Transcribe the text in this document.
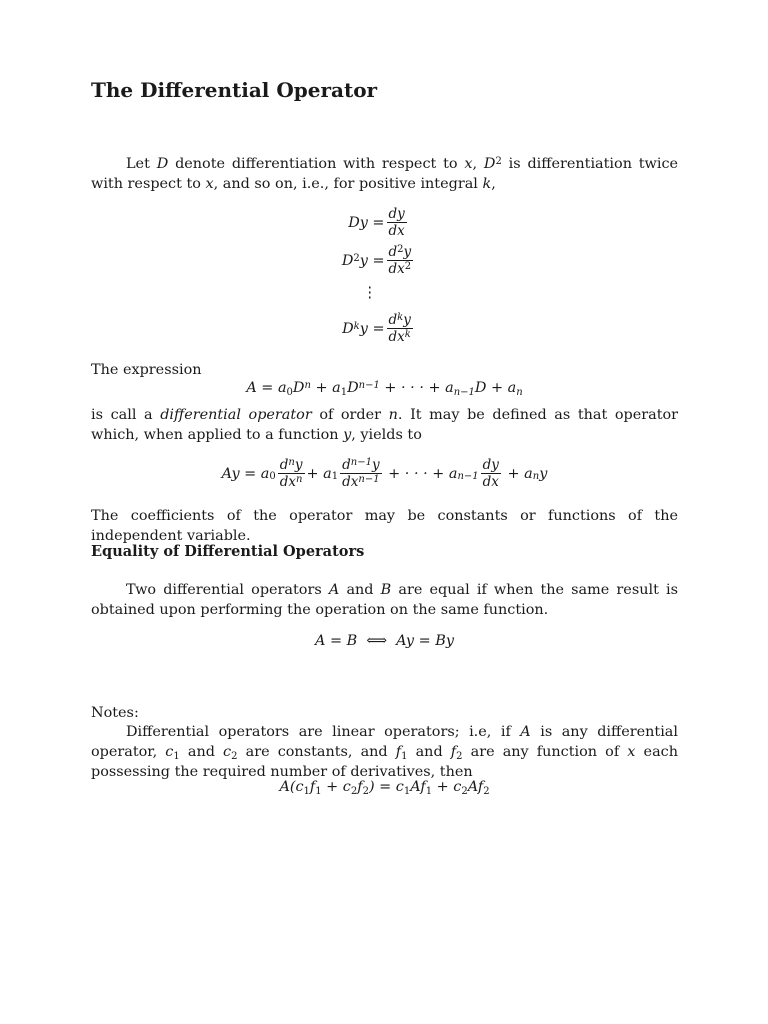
The Differential Operator

Let D denote differentiation with respect to x, $D^2$ is differentiation twice with respect to x, and so on, i.e., for positive integral k,

$Dy = \frac{dy}{dx}$
$D^2y = \frac{d^2y}{dx^2}$
⋮
$D^ky = \frac{d^ky}{dx^k}$

The expression

$A = a_0D^n + a_1D^{n-1}$ + · · · + $a_{n-1}D + a_n$

is call a differential operator of order n. It may be defined as that operator which, when applied to a function y, yields to

$Ay = a_0 \frac{d^ny}{dx^n} + a_1 \frac{d^{n-1}y}{dx^{n-1}}$
+ · · · + $a_{n-1} \frac{dy}{dx}$
+ $a_n$ y

The coefficients of the operator may be constants or functions of the independent variable.

Equality of Differential Operators

Two differential operators A and B are equal if when the same result is obtained upon performing the operation on the same function.

A = B  ⟺  Ay = By

Notes:

Differential operators are linear operators; i.e, if A is any differential operator, $c_1$ and $c_2$ are constants, and $f_1$ and $f_2$ are any function of x each possessing the required number of derivatives, then

$A(c_1f_1 + c_2f_2) = c_1Af_1 + c_2Af_2$
